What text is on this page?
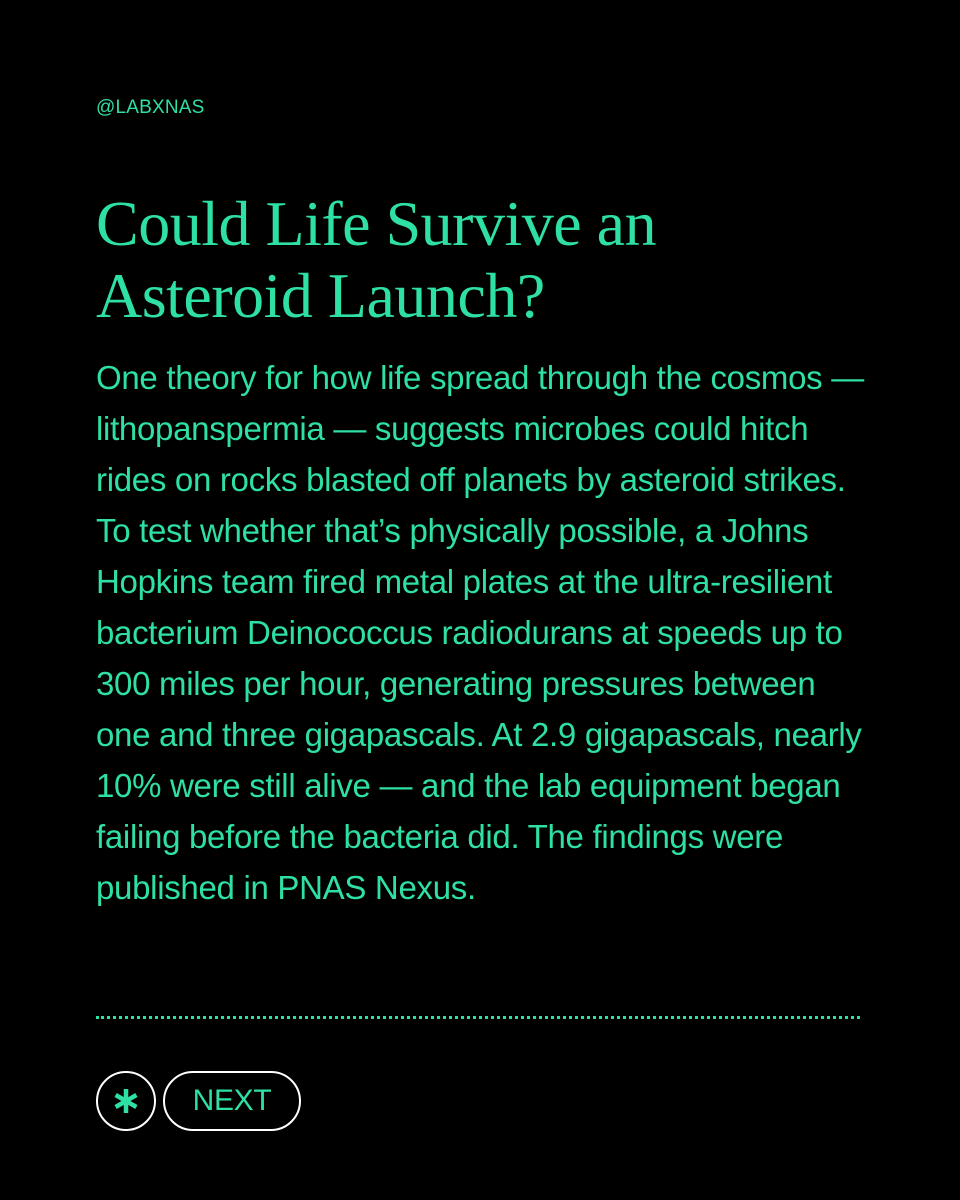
@LABXNAS
Could Life Survive an Asteroid Launch?

One theory for how life spread through the cosmos — lithopanspermia — suggests microbes could hitch rides on rocks blasted off planets by asteroid strikes. To test whether that’s physically possible, a Johns Hopkins team fired metal plates at the ultra-resilient bacterium Deinococcus radiodurans at speeds up to 300 miles per hour, generating pressures between one and three gigapascals. At 2.9 gigapascals, nearly 10% were still alive — and the lab equipment began failing before the bacteria did. The findings were published in PNAS Nexus.

NEXT
